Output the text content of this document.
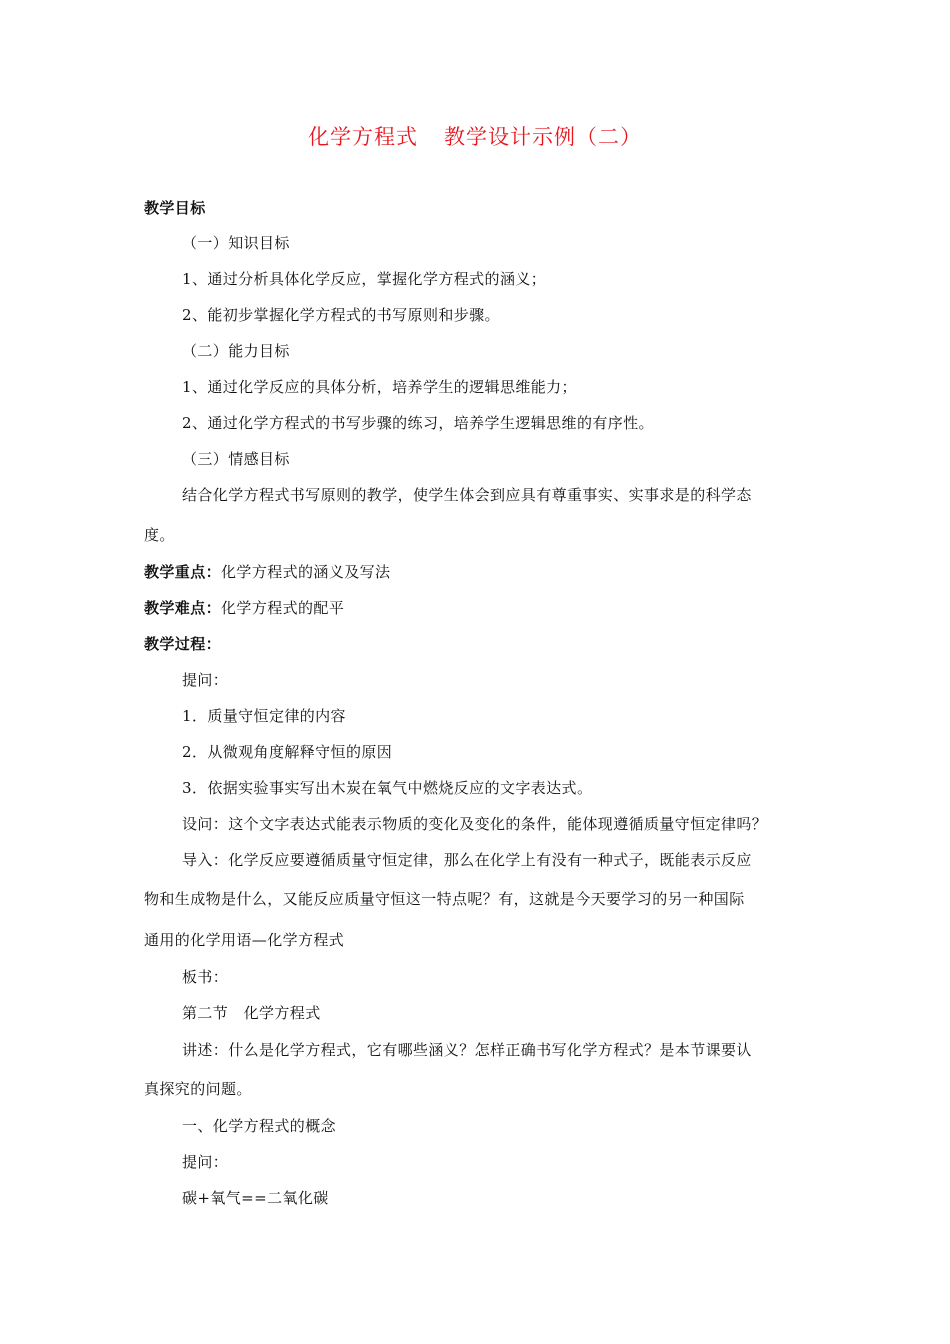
化学方程式 教学设计示例（二）
教学目标
（一）知识目标
1、通过分析具体化学反应，掌握化学方程式的涵义；
2、能初步掌握化学方程式的书写原则和步骤。
（二）能力目标
1、通过化学反应的具体分析，培养学生的逻辑思维能力；
2、通过化学方程式的书写步骤的练习，培养学生逻辑思维的有序性。
（三）情感目标
结合化学方程式书写原则的教学，使学生体会到应具有尊重事实、实事求是的科学态
度。
教学重点：化学方程式的涵义及写法
教学难点：化学方程式的配平
教学过程：
提问：
1．质量守恒定律的内容
2．从微观角度解释守恒的原因
3．依据实验事实写出木炭在氧气中燃烧反应的文字表达式。
设问：这个文字表达式能表示物质的变化及变化的条件，能体现遵循质量守恒定律吗？
导入：化学反应要遵循质量守恒定律，那么在化学上有没有一种式子，既能表示反应
物和生成物是什么，又能反应质量守恒这一特点呢？有，这就是今天要学习的另一种国际
通用的化学用语—化学方程式
板书：
第二节　化学方程式
讲述：什么是化学方程式，它有哪些涵义？怎样正确书写化学方程式？是本节课要认
真探究的问题。
一、化学方程式的概念
提问：
碳+氧气==二氧化碳
